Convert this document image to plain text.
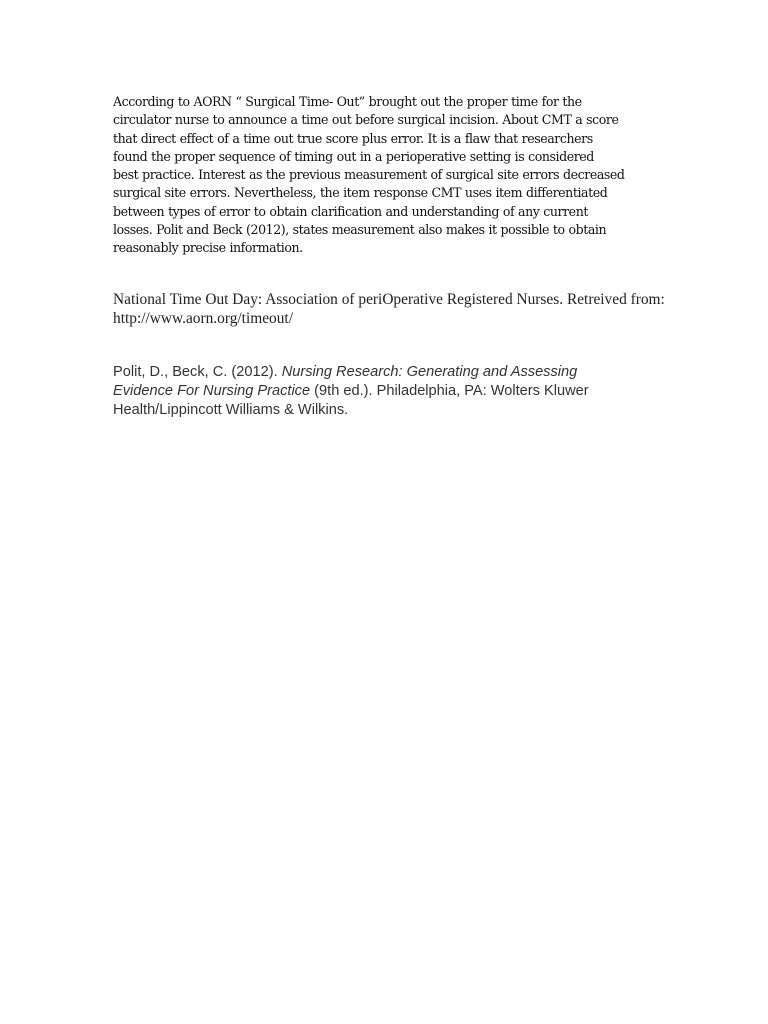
According to AORN “ Surgical Time- Out” brought out the proper time for the
circulator nurse to announce a time out before surgical incision. About CMT a score
that direct effect of a time out true score plus error. It is a flaw that researchers
found the proper sequence of timing out in a perioperative setting is considered
best practice. Interest as the previous measurement of surgical site errors decreased
surgical site errors. Nevertheless, the item response CMT uses item differentiated
between types of error to obtain clarification and understanding of any current
losses. Polit and Beck (2012), states measurement also makes it possible to obtain
reasonably precise information.

National Time Out Day: Association of periOperative Registered Nurses. Retreived from:
http://www.aorn.org/timeout/

Polit, D., Beck, C. (2012). Nursing Research: Generating and Assessing
Evidence For Nursing Practice (9th ed.). Philadelphia, PA: Wolters Kluwer
Health/Lippincott Williams & Wilkins.
